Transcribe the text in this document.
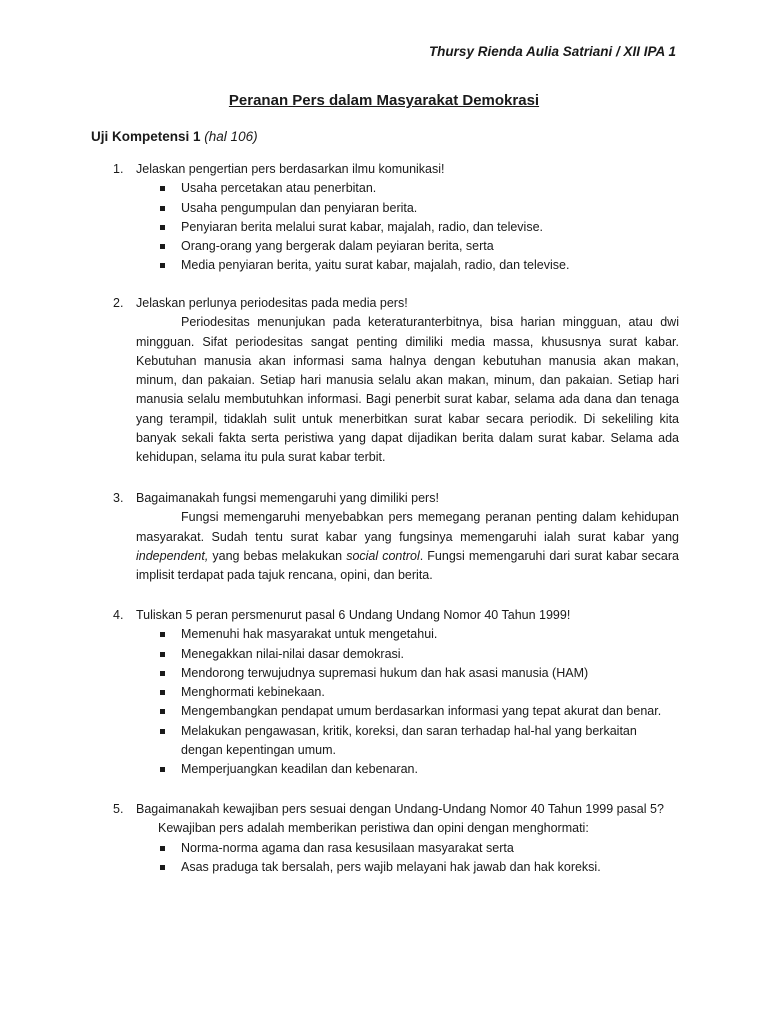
Thursy Rienda Aulia Satriani / XII IPA 1
Peranan Pers dalam Masyarakat Demokrasi
Uji Kompetensi 1 (hal 106)
1. Jelaskan pengertian pers berdasarkan ilmu komunikasi!
Usaha percetakan atau penerbitan.
Usaha pengumpulan dan penyiaran berita.
Penyiaran berita melalui surat kabar, majalah, radio, dan televise.
Orang-orang yang bergerak dalam peyiaran berita, serta
Media penyiaran berita, yaitu surat kabar, majalah, radio, dan televise.
2. Jelaskan perlunya periodesitas pada media pers!
Periodesitas menunjukan pada keteraturanterbitnya, bisa harian mingguan, atau dwi mingguan. Sifat periodesitas sangat penting dimiliki media massa, khususnya surat kabar. Kebutuhan manusia akan informasi sama halnya dengan kebutuhan manusia akan makan, minum, dan pakaian. Setiap hari manusia selalu akan makan, minum, dan pakaian. Setiap hari manusia selalu membutuhkan informasi. Bagi penerbit surat kabar, selama ada dana dan tenaga yang terampil, tidaklah sulit untuk menerbitkan surat kabar secara periodik. Di sekeliling kita banyak sekali fakta serta peristiwa yang dapat dijadikan berita dalam surat kabar. Selama ada kehidupan, selama itu pula surat kabar terbit.
3. Bagaimanakah fungsi memengaruhi yang dimiliki pers!
Fungsi memengaruhi menyebabkan pers memegang peranan penting dalam kehidupan masyarakat. Sudah tentu surat kabar yang fungsinya memengaruhi ialah surat kabar yang independent, yang bebas melakukan social control. Fungsi memengaruhi dari surat kabar secara implisit terdapat pada tajuk rencana, opini, dan berita.
4. Tuliskan 5 peran persmenurut pasal 6 Undang Undang Nomor 40 Tahun 1999!
Memenuhi hak masyarakat untuk mengetahui.
Menegakkan nilai-nilai dasar demokrasi.
Mendorong terwujudnya supremasi hukum dan hak asasi manusia (HAM)
Menghormati kebinekaan.
Mengembangkan pendapat umum berdasarkan informasi yang tepat akurat dan benar.
Melakukan pengawasan, kritik, koreksi, dan saran terhadap hal-hal yang berkaitan dengan kepentingan umum.
Memperjuangkan keadilan dan kebenaran.
5. Bagaimanakah kewajiban pers sesuai dengan Undang-Undang Nomor 40 Tahun 1999 pasal 5?
Kewajiban pers adalah memberikan peristiwa dan opini dengan menghormati:
Norma-norma agama dan rasa kesusilaan masyarakat serta
Asas praduga tak bersalah, pers wajib melayani hak jawab dan hak koreksi.
